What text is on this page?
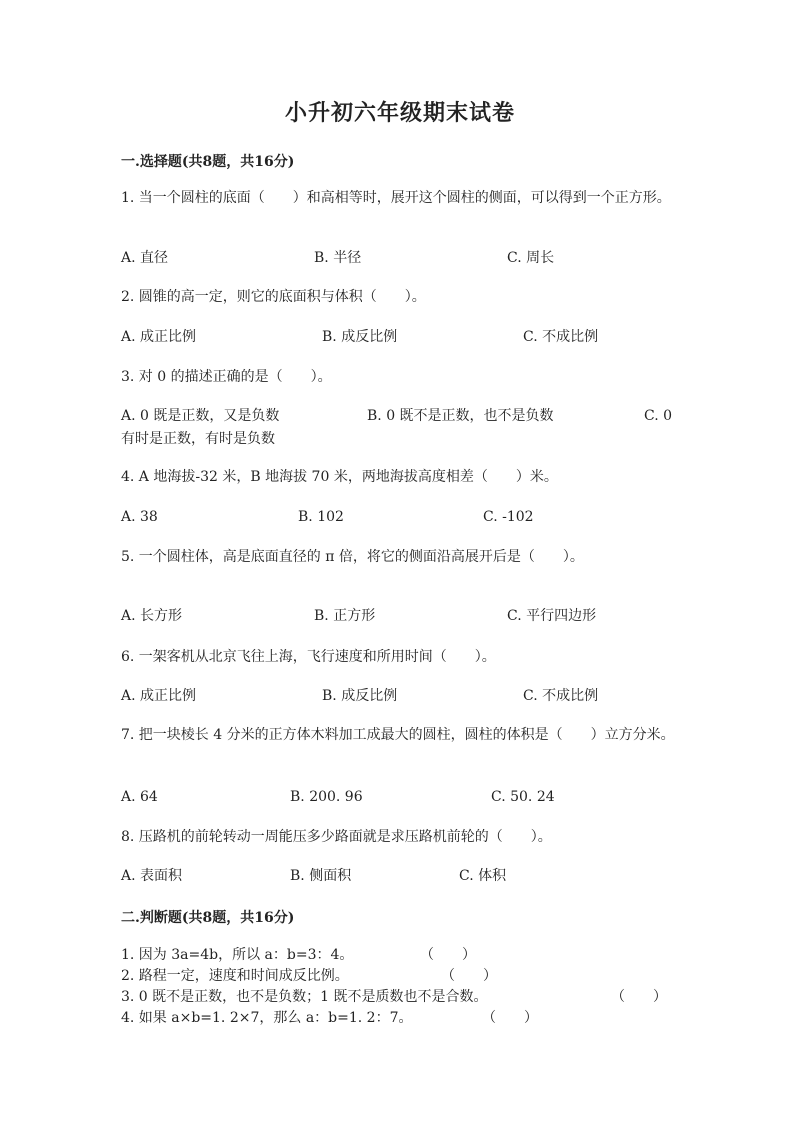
小升初六年级期末试卷
一.选择题(共8题，共16分)
1. 当一个圆柱的底面（　　）和高相等时，展开这个圆柱的侧面，可以得到一个正方形。
A. 直径	B. 半径	C. 周长
2. 圆锥的高一定，则它的底面积与体积（　　）。
A. 成正比例	B. 成反比例	C. 不成比例
3. 对 0 的描述正确的是（　　）。
A. 0 既是正数，又是负数	B. 0 既不是正数，也不是负数	C. 0
有时是正数，有时是负数
4. A 地海拔-32 米，B 地海拔 70 米，两地海拔高度相差（　　）米。
A. 38	B. 102	C. -102
5. 一个圆柱体，高是底面直径的 π 倍，将它的侧面沿高展开后是（　　）。
A. 长方形	B. 正方形	C. 平行四边形
6. 一架客机从北京飞往上海，飞行速度和所用时间（　　）。
A. 成正比例	B. 成反比例	C. 不成比例
7. 把一块棱长 4 分米的正方体木料加工成最大的圆柱，圆柱的体积是（　　）立方分米。
A. 64	B. 200. 96	C. 50. 24
8. 压路机的前轮转动一周能压多少路面就是求压路机前轮的（　　）。
A. 表面积	B. 侧面积	C. 体积
二.判断题(共8题，共16分)
1. 因为 3a=4b，所以 a：b=3：4。	（　　）
2. 路程一定，速度和时间成反比例。	（　　）
3. 0 既不是正数，也不是负数；1 既不是质数也不是合数。	（　　）
4. 如果 a×b=1. 2×7，那么 a：b=1. 2：7。	（　　）
